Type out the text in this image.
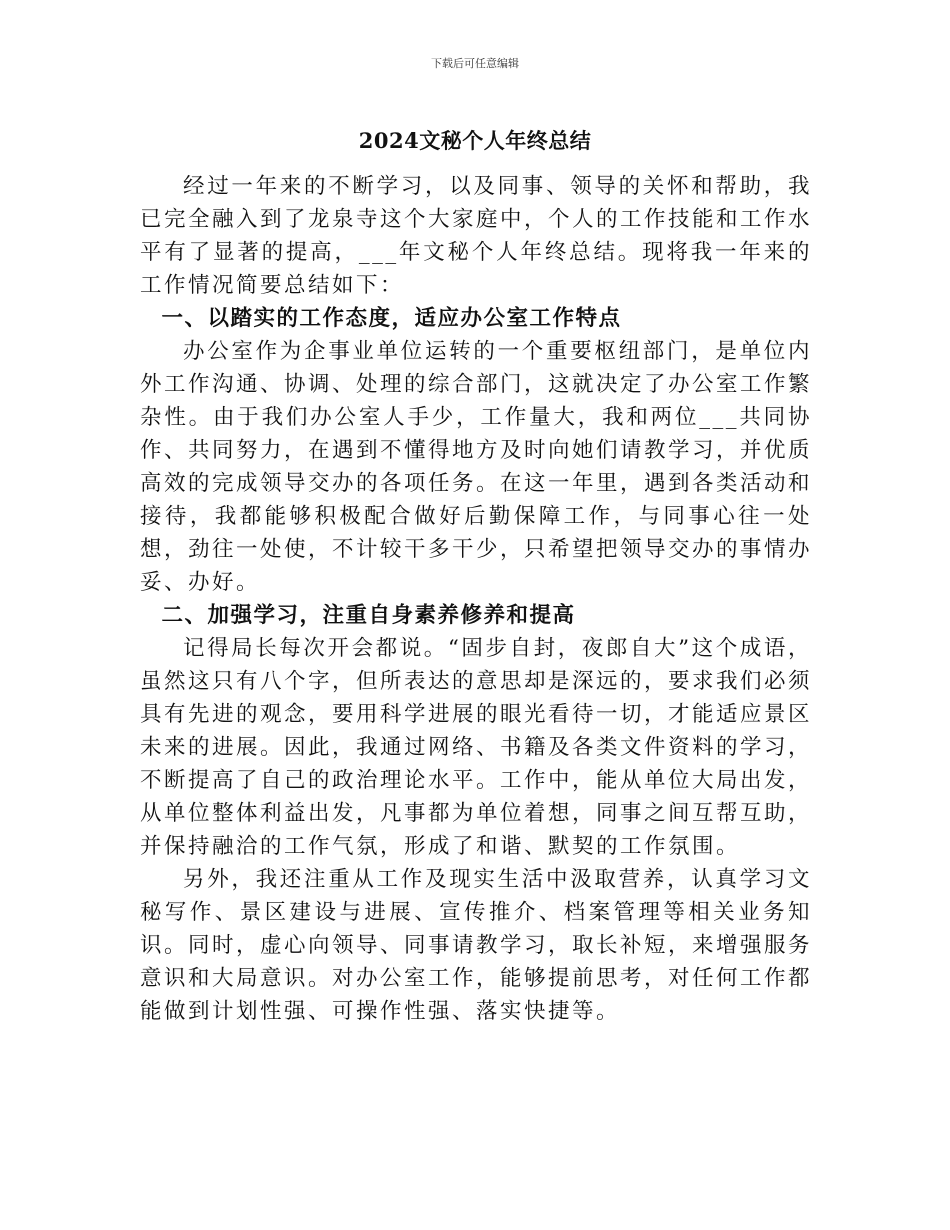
下载后可任意编辑
2024文秘个人年终总结

经过一年来的不断学习，以及同事、领导的关怀和帮助，我已完全融入到了龙泉寺这个大家庭中，个人的工作技能和工作水平有了显著的提高，___年文秘个人年终总结。现将我一年来的工作情况简要总结如下：

一、以踏实的工作态度，适应办公室工作特点

办公室作为企事业单位运转的一个重要枢纽部门，是单位内外工作沟通、协调、处理的综合部门，这就决定了办公室工作繁杂性。由于我们办公室人手少，工作量大，我和两位___共同协作、共同努力，在遇到不懂得地方及时向她们请教学习，并优质高效的完成领导交办的各项任务。在这一年里，遇到各类活动和接待，我都能够积极配合做好后勤保障工作，与同事心往一处想，劲往一处使，不计较干多干少，只希望把领导交办的事情办妥、办好。

二、加强学习，注重自身素养修养和提高

记得局长每次开会都说。“固步自封，夜郎自大”这个成语，虽然这只有八个字，但所表达的意思却是深远的，要求我们必须具有先进的观念，要用科学进展的眼光看待一切，才能适应景区未来的进展。因此，我通过网络、书籍及各类文件资料的学习，不断提高了自己的政治理论水平。工作中，能从单位大局出发，从单位整体利益出发，凡事都为单位着想，同事之间互帮互助，并保持融洽的工作气氛，形成了和谐、默契的工作氛围。

另外，我还注重从工作及现实生活中汲取营养，认真学习文秘写作、景区建设与进展、宣传推介、档案管理等相关业务知识。同时，虚心向领导、同事请教学习，取长补短，来增强服务意识和大局意识。对办公室工作，能够提前思考，对任何工作都能做到计划性强、可操作性强、落实快捷等。
